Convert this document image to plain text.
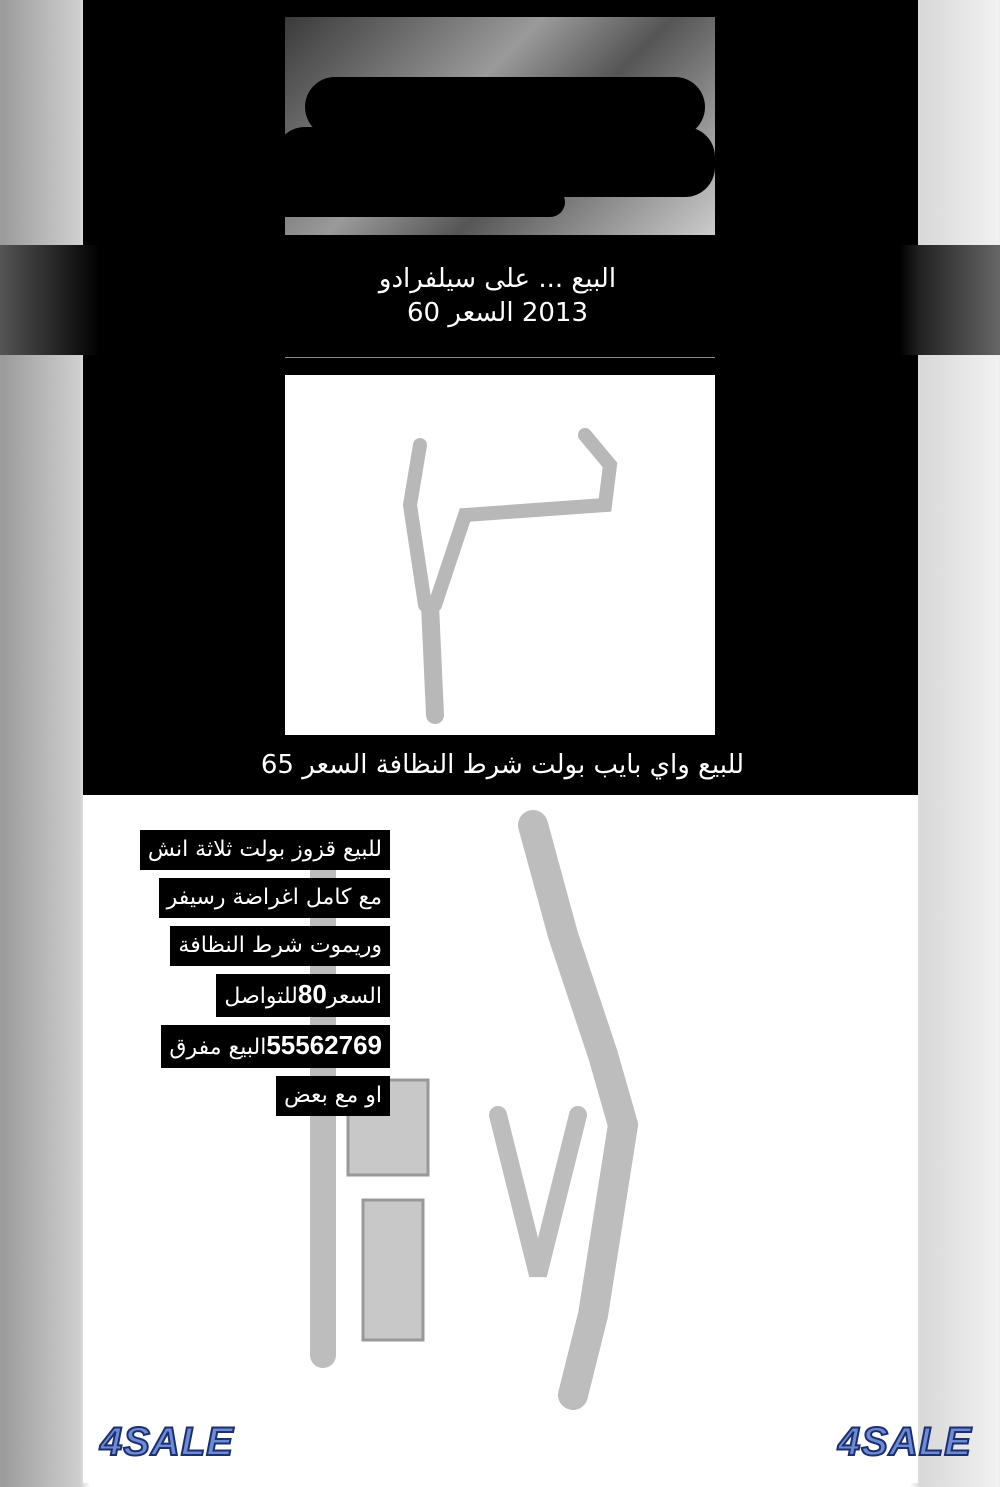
البيع ... على سيلفرادو
2013 السعر 60
للبيع واي بايب بولت شرط النظافة السعر 65
للبيع قزوز بولت ثلاثة انش
مع كامل اغراضة رسيفر
وريموت شرط النظافة
السعر80للتواصل
55562769البيع مفرق
او مع بعض
4SALE	4SALE
